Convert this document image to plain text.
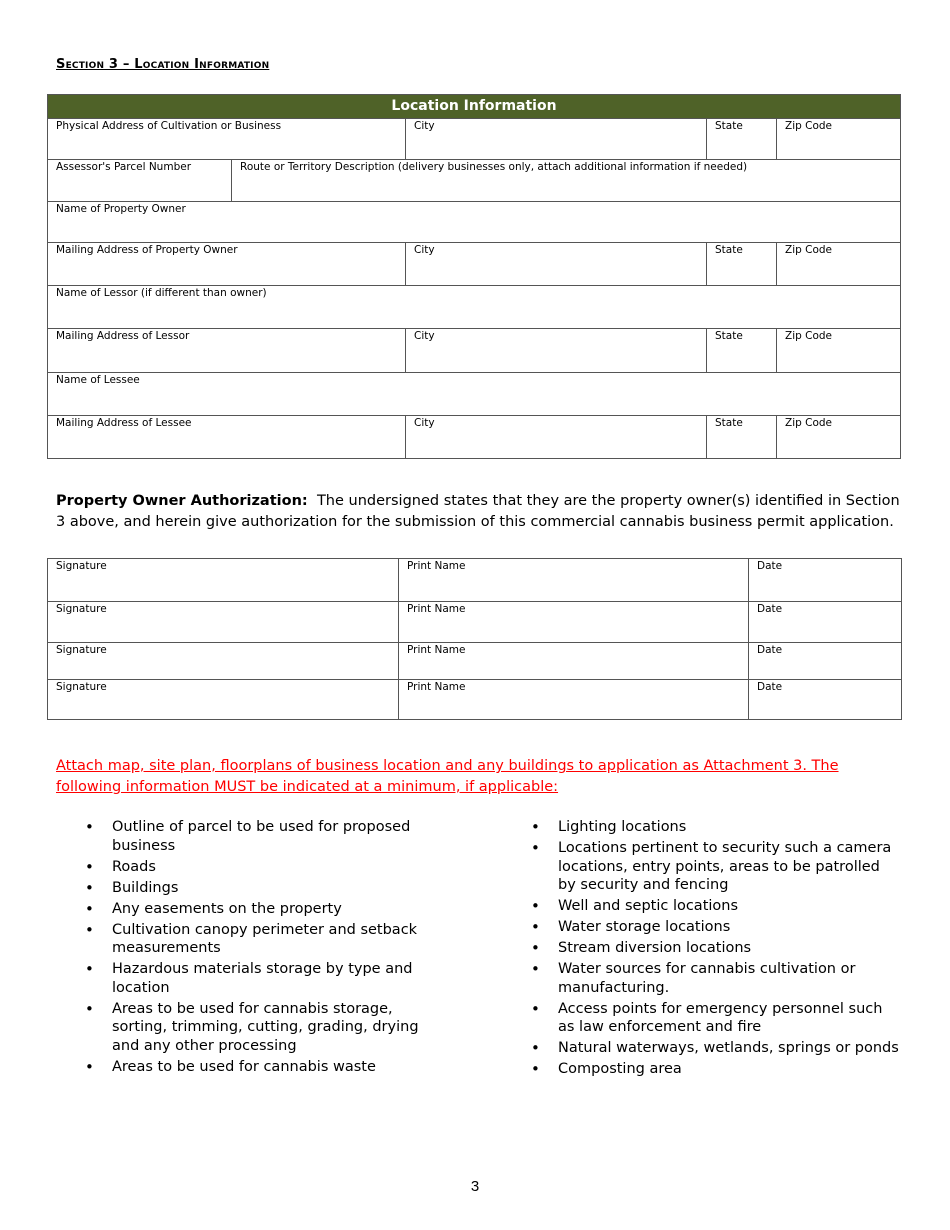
Section 3 – Location Information
Location Information
Physical Address of Cultivation or Business	City	State	Zip Code
Assessor's Parcel Number	Route or Territory Description (delivery businesses only, attach additional information if needed)
Name of Property Owner
Mailing Address of Property Owner	City	State	Zip Code
Name of Lessor (if different than owner)
Mailing Address of Lessor	City	State	Zip Code
Name of Lessee
Mailing Address of Lessee	City	State	Zip Code
Property Owner Authorization: The undersigned states that they are the property owner(s) identified in Section 3 above, and herein give authorization for the submission of this commercial cannabis business permit application.
Signature	Print Name	Date
Signature	Print Name	Date
Signature	Print Name	Date
Signature	Print Name	Date
Attach map, site plan, floorplans of business location and any buildings to application as Attachment 3. The following information MUST be indicated at a minimum, if applicable:
• Outline of parcel to be used for proposed business
• Roads
• Buildings
• Any easements on the property
• Cultivation canopy perimeter and setback measurements
• Hazardous materials storage by type and location
• Areas to be used for cannabis storage, sorting, trimming, cutting, grading, drying and any other processing
• Areas to be used for cannabis waste
• Lighting locations
• Locations pertinent to security such a camera locations, entry points, areas to be patrolled by security and fencing
• Well and septic locations
• Water storage locations
• Stream diversion locations
• Water sources for cannabis cultivation or manufacturing.
• Access points for emergency personnel such as law enforcement and fire
• Natural waterways, wetlands, springs or ponds
• Composting area
3
